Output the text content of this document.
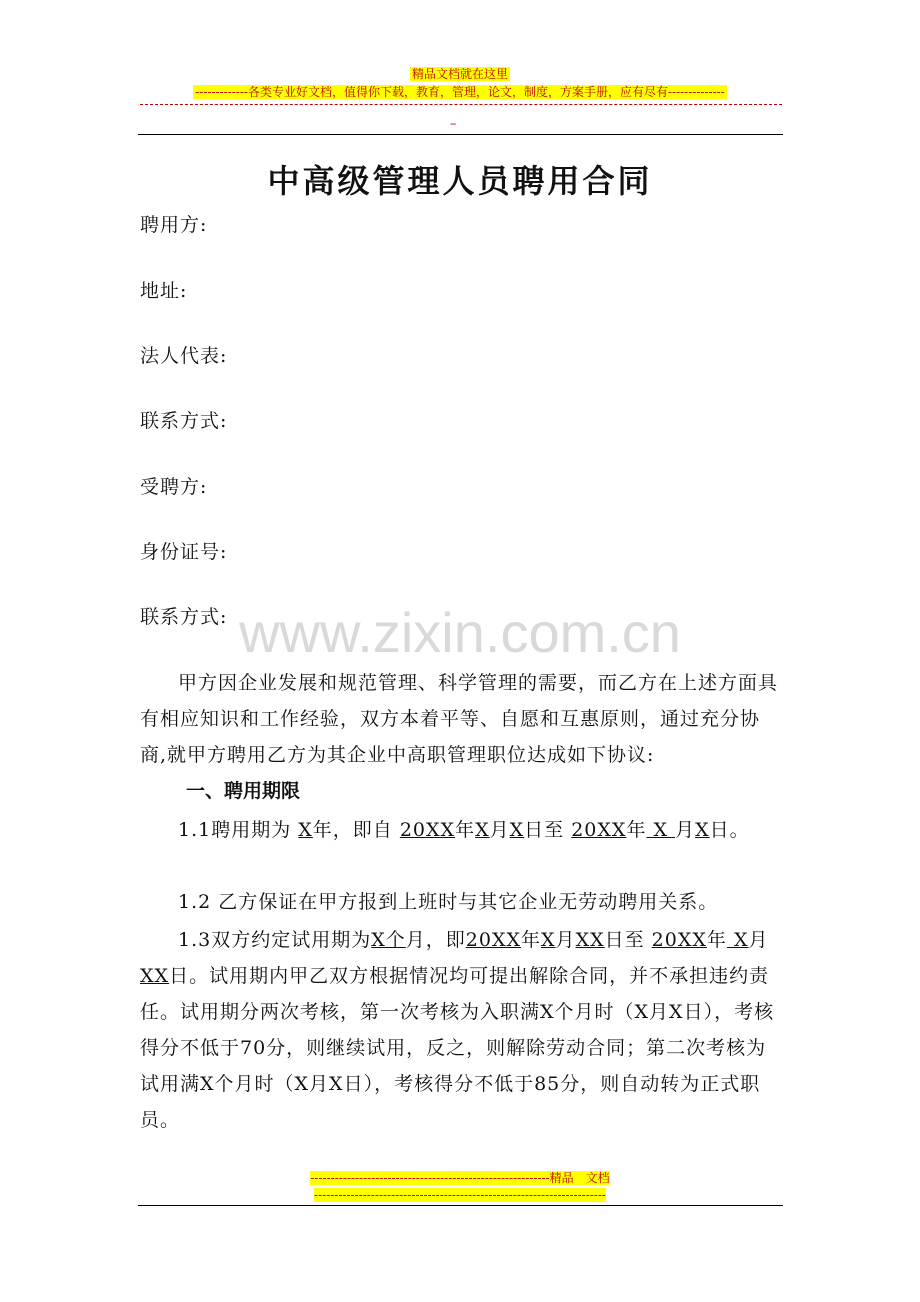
精品文档就在这里
-------------各类专业好文档，值得你下载，教育，管理，论文，制度，方案手册，应有尽有--------------
--
中高级管理人员聘用合同
聘用方:
地址:
法人代表:
联系方式:
受聘方:
身份证号:
联系方式: www.zixin.com.cn

甲方因企业发展和规范管理、科学管理的需要，而乙方在上述方面具有相应知识和工作经验，双方本着平等、自愿和互惠原则，通过充分协商,就甲方聘用乙方为其企业中高职管理职位达成如下协议:

一、聘用期限

1.1聘用期为 X年，即自 20XX年X月X日至 20XX年 X 月X日。

1.2 乙方保证在甲方报到上班时与其它企业无劳动聘用关系。

1.3双方约定试用期为X个月，即20XX年X月XX日至 20XX年 X月XX日。试用期内甲乙双方根据情况均可提出解除合同，并不承担违约责任。试用期分两次考核，第一次考核为入职满X个月时（X月X日），考核得分不低于70分，则继续试用，反之，则解除劳动合同；第二次考核为试用满X个月时（X月X日），考核得分不低于85分，则自动转为正式职员。

-----------------------------------------------------------精品　文档
------------------------------------------------------------------------
